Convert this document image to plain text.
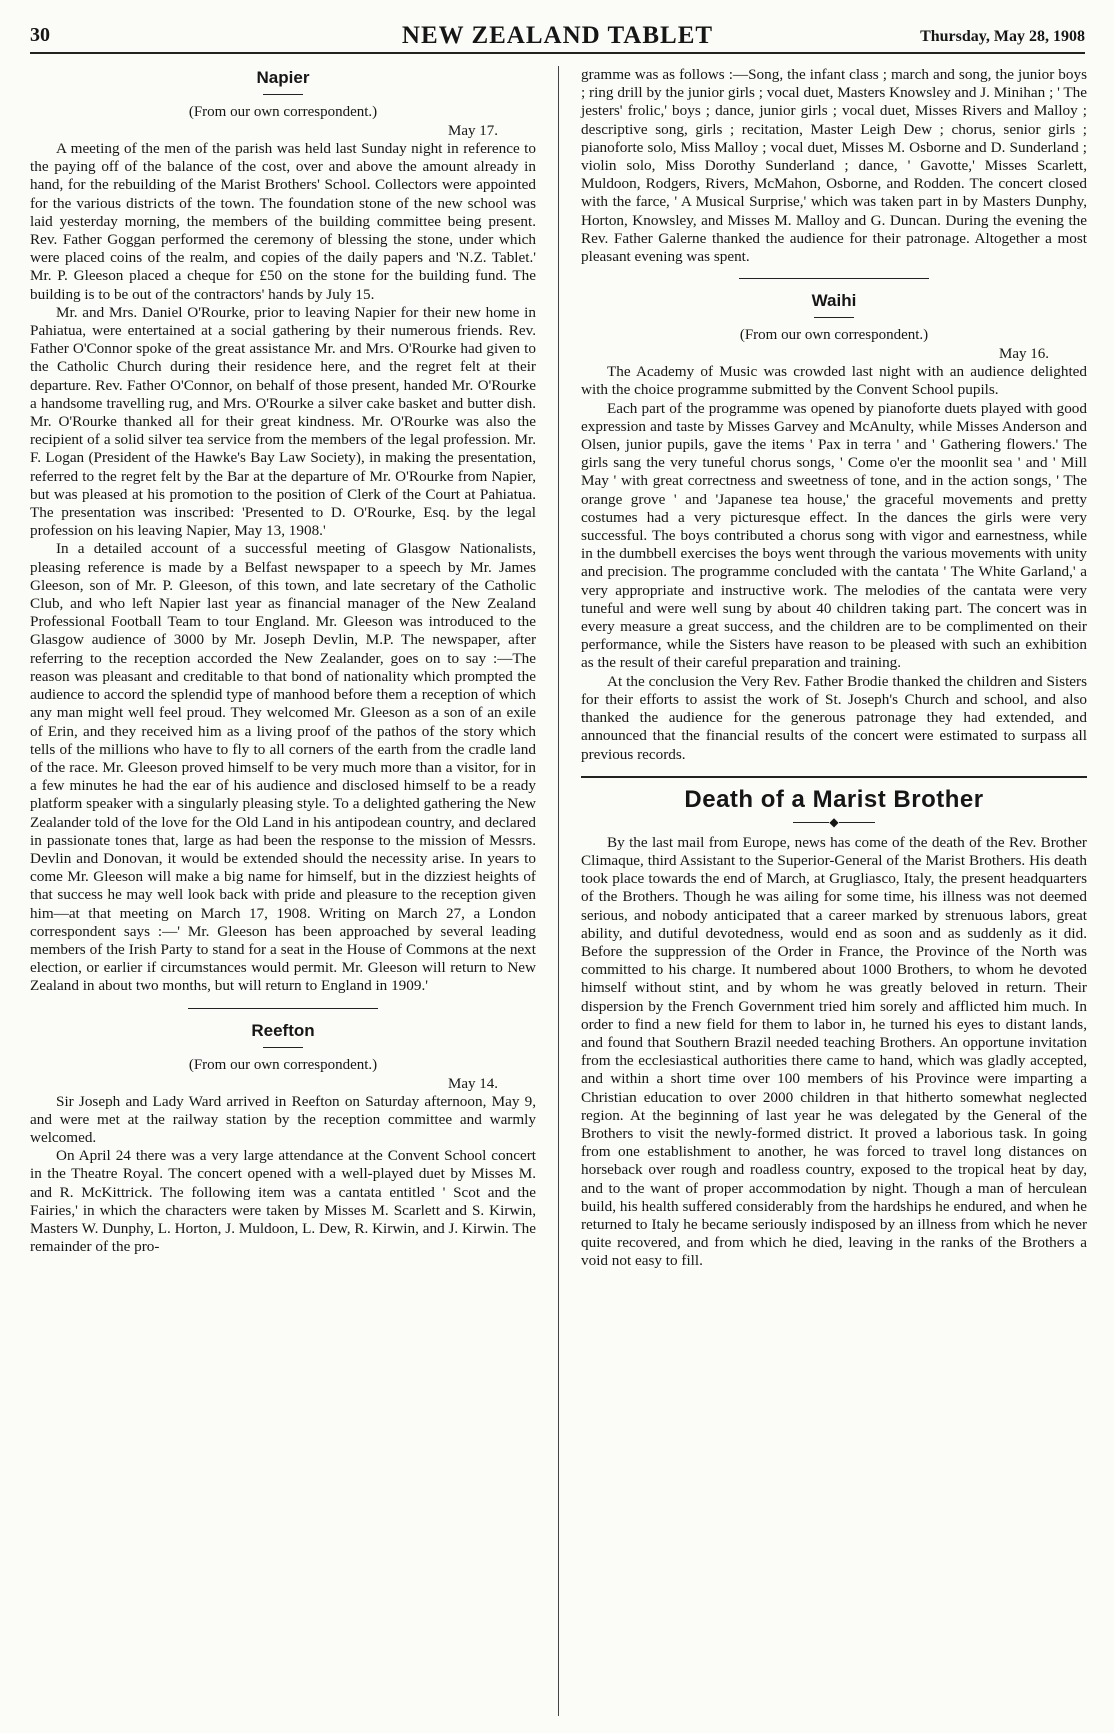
30	NEW ZEALAND TABLET	Thursday, May 28, 1908
Napier

(From our own correspondent.)

May 17.

A meeting of the men of the parish was held last Sunday night in reference to the paying off of the balance of the cost, over and above the amount already in hand, for the rebuilding of the Marist Brothers' School. Collectors were appointed for the various districts of the town. The foundation stone of the new school was laid yesterday morning, the members of the building committee being present. Rev. Father Goggan performed the ceremony of blessing the stone, under which were placed coins of the realm, and copies of the daily papers and 'N.Z. Tablet.' Mr. P. Gleeson placed a cheque for £50 on the stone for the building fund. The building is to be out of the contractors' hands by July 15.

Mr. and Mrs. Daniel O'Rourke, prior to leaving Napier for their new home in Pahiatua, were entertained at a social gathering by their numerous friends. Rev. Father O'Connor spoke of the great assistance Mr. and Mrs. O'Rourke had given to the Catholic Church during their residence here, and the regret felt at their departure. Rev. Father O'Connor, on behalf of those present, handed Mr. O'Rourke a handsome travelling rug, and Mrs. O'Rourke a silver cake basket and butter dish. Mr. O'Rourke thanked all for their great kindness. Mr. O'Rourke was also the recipient of a solid silver tea service from the members of the legal profession. Mr. F. Logan (President of the Hawke's Bay Law Society), in making the presentation, referred to the regret felt by the Bar at the departure of Mr. O'Rourke from Napier, but was pleased at his promotion to the position of Clerk of the Court at Pahiatua. The presentation was inscribed: 'Presented to D. O'Rourke, Esq. by the legal profession on his leaving Napier, May 13, 1908.'

In a detailed account of a successful meeting of Glasgow Nationalists, pleasing reference is made by a Belfast newspaper to a speech by Mr. James Gleeson, son of Mr. P. Gleeson, of this town, and late secretary of the Catholic Club, and who left Napier last year as financial manager of the New Zealand Professional Football Team to tour England. Mr. Gleeson was introduced to the Glasgow audience of 3000 by Mr. Joseph Devlin, M.P. The newspaper, after referring to the reception accorded the New Zealander, goes on to say :—The reason was pleasant and creditable to that bond of nationality which prompted the audience to accord the splendid type of manhood before them a reception of which any man might well feel proud. They welcomed Mr. Gleeson as a son of an exile of Erin, and they received him as a living proof of the pathos of the story which tells of the millions who have to fly to all corners of the earth from the cradle land of the race. Mr. Gleeson proved himself to be very much more than a visitor, for in a few minutes he had the ear of his audience and disclosed himself to be a ready platform speaker with a singularly pleasing style. To a delighted gathering the New Zealander told of the love for the Old Land in his antipodean country, and declared in passionate tones that, large as had been the response to the mission of Messrs. Devlin and Donovan, it would be extended should the necessity arise. In years to come Mr. Gleeson will make a big name for himself, but in the dizziest heights of that success he may well look back with pride and pleasure to the reception given him—at that meeting on March 17, 1908. Writing on March 27, a London correspondent says :—' Mr. Gleeson has been approached by several leading members of the Irish Party to stand for a seat in the House of Commons at the next election, or earlier if circumstances would permit. Mr. Gleeson will return to New Zealand in about two months, but will return to England in 1909.'

Reefton

(From our own correspondent.)

May 14.

Sir Joseph and Lady Ward arrived in Reefton on Saturday afternoon, May 9, and were met at the railway station by the reception committee and warmly welcomed.

On April 24 there was a very large attendance at the Convent School concert in the Theatre Royal. The concert opened with a well-played duet by Misses M. and R. McKittrick. The following item was a cantata entitled ' Scot and the Fairies,' in which the characters were taken by Misses M. Scarlett and S. Kirwin, Masters W. Dunphy, L. Horton, J. Muldoon, L. Dew, R. Kirwin, and J. Kirwin. The remainder of the pro-

gramme was as follows :—Song, the infant class ; march and song, the junior boys ; ring drill by the junior girls ; vocal duet, Masters Knowsley and J. Minihan ; ' The jesters' frolic,' boys ; dance, junior girls ; vocal duet, Misses Rivers and Malloy ; descriptive song, girls ; recitation, Master Leigh Dew ; chorus, senior girls ; pianoforte solo, Miss Malloy ; vocal duet, Misses M. Osborne and D. Sunderland ; violin solo, Miss Dorothy Sunderland ; dance, ' Gavotte,' Misses Scarlett, Muldoon, Rodgers, Rivers, McMahon, Osborne, and Rodden. The concert closed with the farce, ' A Musical Surprise,' which was taken part in by Masters Dunphy, Horton, Knowsley, and Misses M. Malloy and G. Duncan. During the evening the Rev. Father Galerne thanked the audience for their patronage. Altogether a most pleasant evening was spent.

Waihi

(From our own correspondent.)

May 16.

The Academy of Music was crowded last night with an audience delighted with the choice programme submitted by the Convent School pupils.

Each part of the programme was opened by pianoforte duets played with good expression and taste by Misses Garvey and McAnulty, while Misses Anderson and Olsen, junior pupils, gave the items ' Pax in terra ' and ' Gathering flowers.' The girls sang the very tuneful chorus songs, ' Come o'er the moonlit sea ' and ' Mill May ' with great correctness and sweetness of tone, and in the action songs, ' The orange grove ' and 'Japanese tea house,' the graceful movements and pretty costumes had a very picturesque effect. In the dances the girls were very successful. The boys contributed a chorus song with vigor and earnestness, while in the dumbbell exercises the boys went through the various movements with unity and precision. The programme concluded with the cantata ' The White Garland,' a very appropriate and instructive work. The melodies of the cantata were very tuneful and were well sung by about 40 children taking part. The concert was in every measure a great success, and the children are to be complimented on their performance, while the Sisters have reason to be pleased with such an exhibition as the result of their careful preparation and training.

At the conclusion the Very Rev. Father Brodie thanked the children and Sisters for their efforts to assist the work of St. Joseph's Church and school, and also thanked the audience for the generous patronage they had extended, and announced that the financial results of the concert were estimated to surpass all previous records.

Death of a Marist Brother
◆

By the last mail from Europe, news has come of the death of the Rev. Brother Climaque, third Assistant to the Superior-General of the Marist Brothers. His death took place towards the end of March, at Grugliasco, Italy, the present headquarters of the Brothers. Though he was ailing for some time, his illness was not deemed serious, and nobody anticipated that a career marked by strenuous labors, great ability, and dutiful devotedness, would end as soon and as suddenly as it did. Before the suppression of the Order in France, the Province of the North was committed to his charge. It numbered about 1000 Brothers, to whom he devoted himself without stint, and by whom he was greatly beloved in return. Their dispersion by the French Government tried him sorely and afflicted him much. In order to find a new field for them to labor in, he turned his eyes to distant lands, and found that Southern Brazil needed teaching Brothers. An opportune invitation from the ecclesiastical authorities there came to hand, which was gladly accepted, and within a short time over 100 members of his Province were imparting a Christian education to over 2000 children in that hitherto somewhat neglected region. At the beginning of last year he was delegated by the General of the Brothers to visit the newly-formed district. It proved a laborious task. In going from one establishment to another, he was forced to travel long distances on horseback over rough and roadless country, exposed to the tropical heat by day, and to the want of proper accommodation by night. Though a man of herculean build, his health suffered considerably from the hardships he endured, and when he returned to Italy he became seriously indisposed by an illness from which he never quite recovered, and from which he died, leaving in the ranks of the Brothers a void not easy to fill.
